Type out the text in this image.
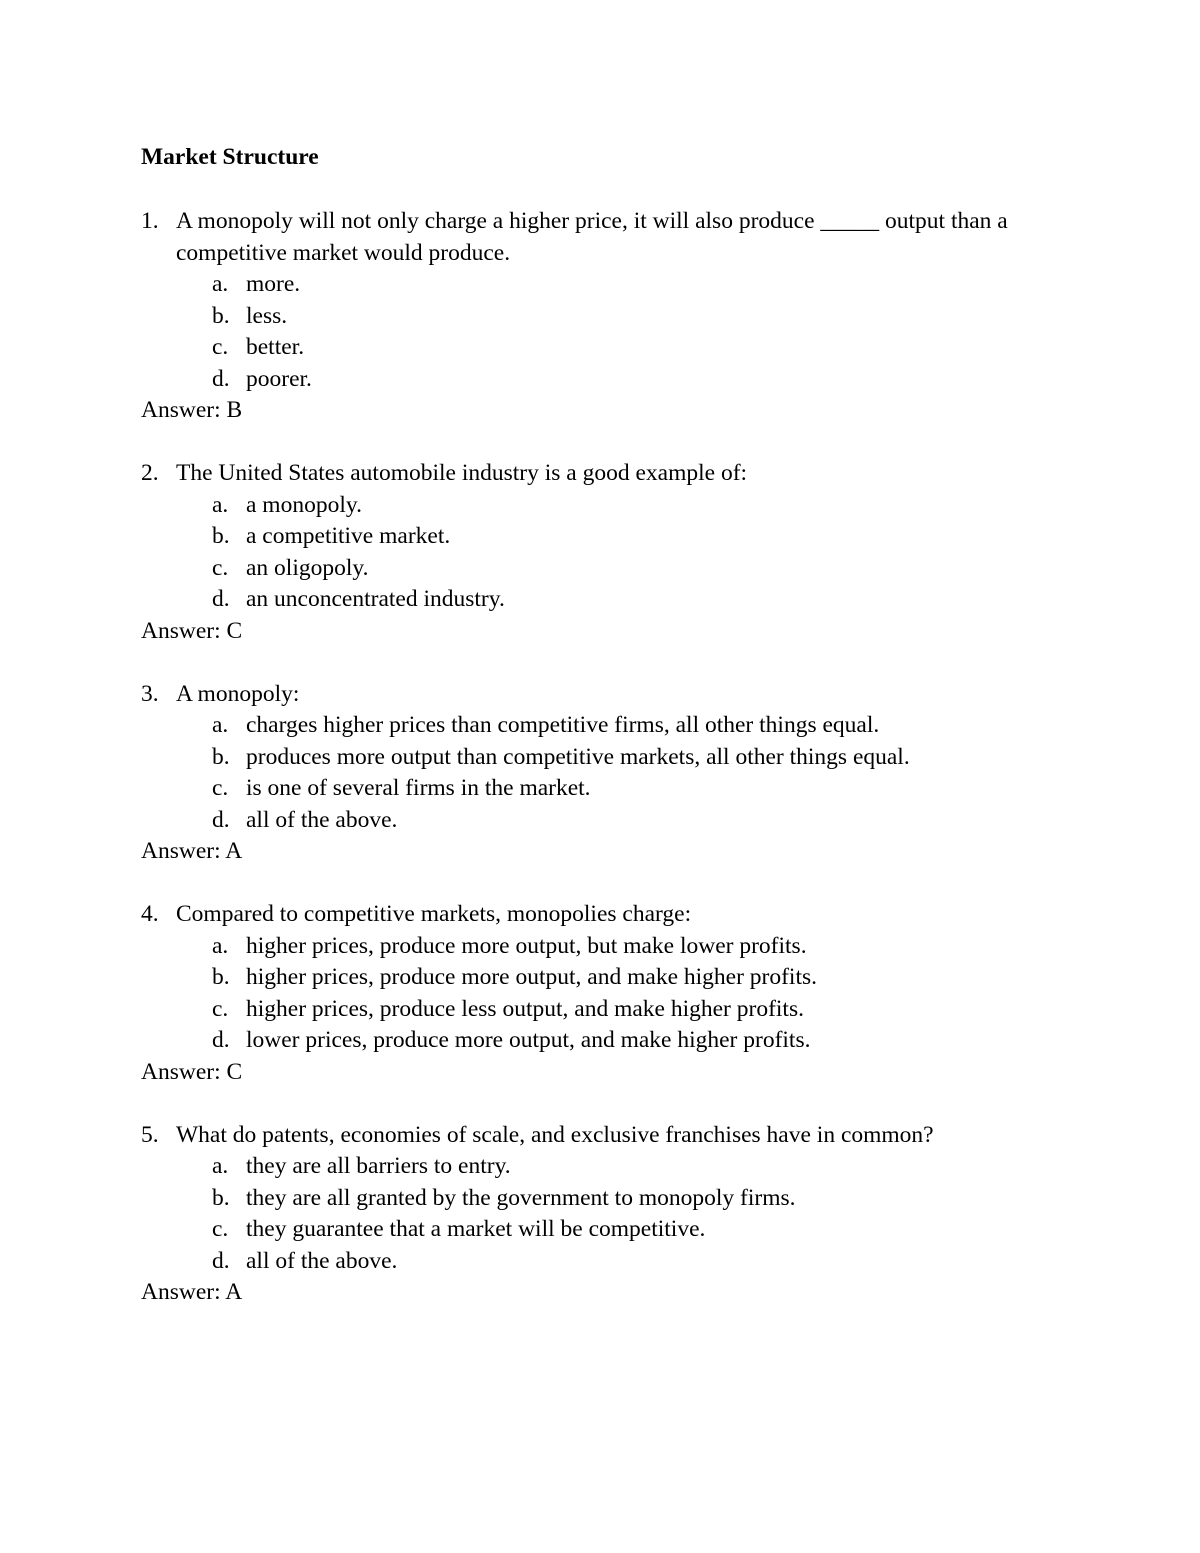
Market Structure
1. A monopoly will not only charge a higher price, it will also produce _____ output than a competitive market would produce.
a. more.
b. less.
c. better.
d. poorer.
Answer: B
2. The United States automobile industry is a good example of:
a. a monopoly.
b. a competitive market.
c. an oligopoly.
d. an unconcentrated industry.
Answer: C
3. A monopoly:
a. charges higher prices than competitive firms, all other things equal.
b. produces more output than competitive markets, all other things equal.
c. is one of several firms in the market.
d. all of the above.
Answer: A
4. Compared to competitive markets, monopolies charge:
a. higher prices, produce more output, but make lower profits.
b. higher prices, produce more output, and make higher profits.
c. higher prices, produce less output, and make higher profits.
d. lower prices, produce more output, and make higher profits.
Answer: C
5. What do patents, economies of scale, and exclusive franchises have in common?
a. they are all barriers to entry.
b. they are all granted by the government to monopoly firms.
c. they guarantee that a market will be competitive.
d. all of the above.
Answer: A
